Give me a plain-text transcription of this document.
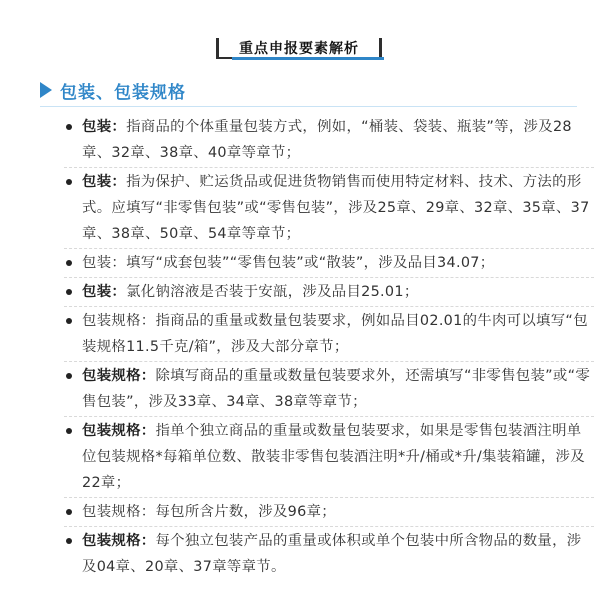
重点申报要素解析
包装、包装规格
包装：指商品的个体重量包装方式，例如，“桶装、袋装、瓶装”等，涉及28章、32章、38章、40章等章节；
包装：指为保护、贮运货品或促进货物销售而使用特定材料、技术、方法的形式。应填写“非零售包装”或“零售包装”，涉及25章、29章、32章、35章、37章、38章、50章、54章等章节；
包装：填写“成套包装”“零售包装”或“散装”，涉及品目34.07；
包装：氯化钠溶液是否装于安瓿，涉及品目25.01；
包装规格：指商品的重量或数量包装要求，例如品目02.01的牛肉可以填写“包装规格11.5千克/箱”，涉及大部分章节；
包装规格：除填写商品的重量或数量包装要求外，还需填写“非零售包装”或“零售包装”，涉及33章、34章、38章等章节；
包装规格：指单个独立商品的重量或数量包装要求，如果是零售包装酒注明单位包装规格*每箱单位数、散装非零售包装酒注明*升/桶或*升/集装箱罐，涉及22章；
包装规格：每包所含片数，涉及96章；
包装规格：每个独立包装产品的重量或体积或单个包装中所含物品的数量，涉及04章、20章、37章等章节。
